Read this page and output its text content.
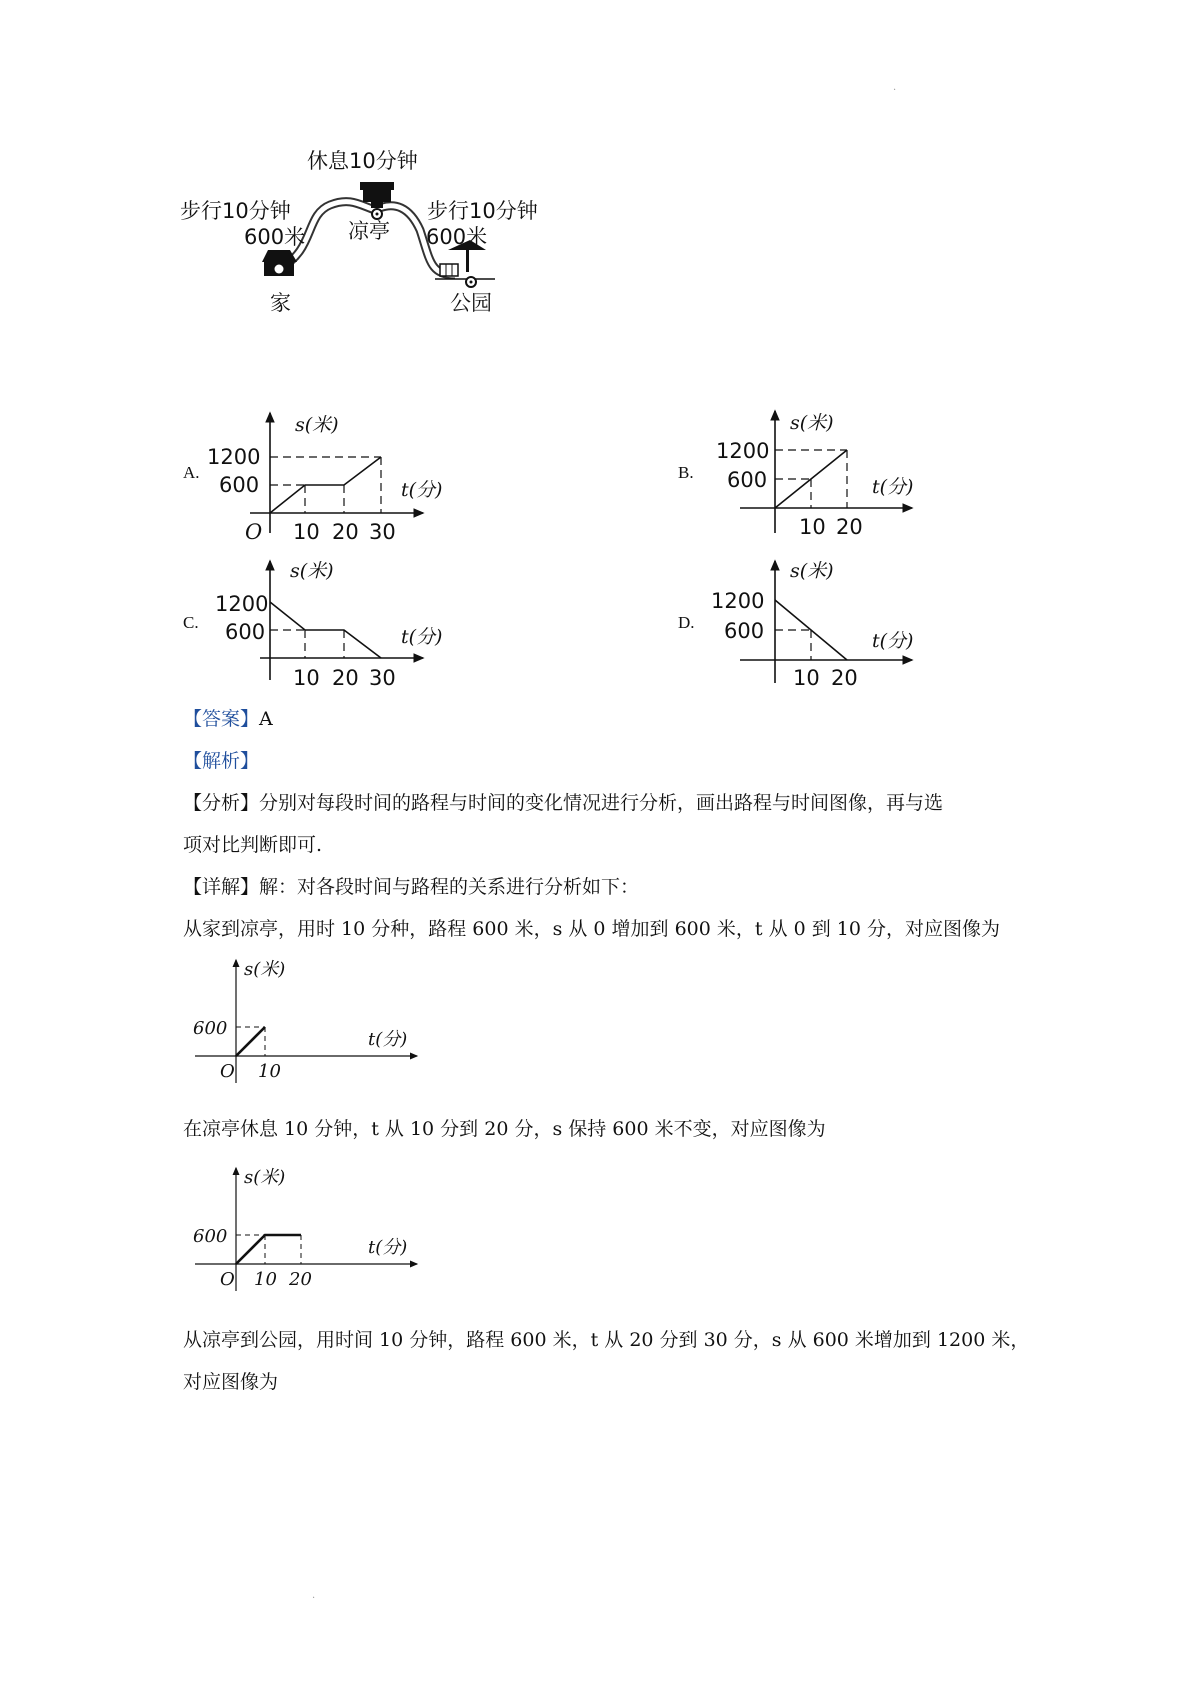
.
.
休息10分钟
步行10分钟
600米 凉亭
步行10分钟
600米
家	公园
A.
s(米)
t(分)
1200
600
O 10 20 30
B.
s(米)
t(分)
1200
600
10 20
C.
s(米)
t(分)
1200
600
10 20 30
D.
s(米)
t(分)
1200
600
10 20
【答案】A
【解析】
【分析】分别对每段时间的路程与时间的变化情况进行分析，画出路程与时间图像，再与选
项对比判断即可.
【详解】解：对各段时间与路程的关系进行分析如下：
从家到凉亭，用时 10 分种，路程 600 米，s 从 0 增加到 600 米，t 从 0 到 10 分，对应图像为
s(米)
t(分)
600
O 10
在凉亭休息 10 分钟，t 从 10 分到 20 分，s 保持 600 米不变，对应图像为
s(米)
t(分)
600
O 10 20
从凉亭到公园，用时间 10 分钟，路程 600 米，t 从 20 分到 30 分，s 从 600 米增加到 1200 米，
对应图像为
